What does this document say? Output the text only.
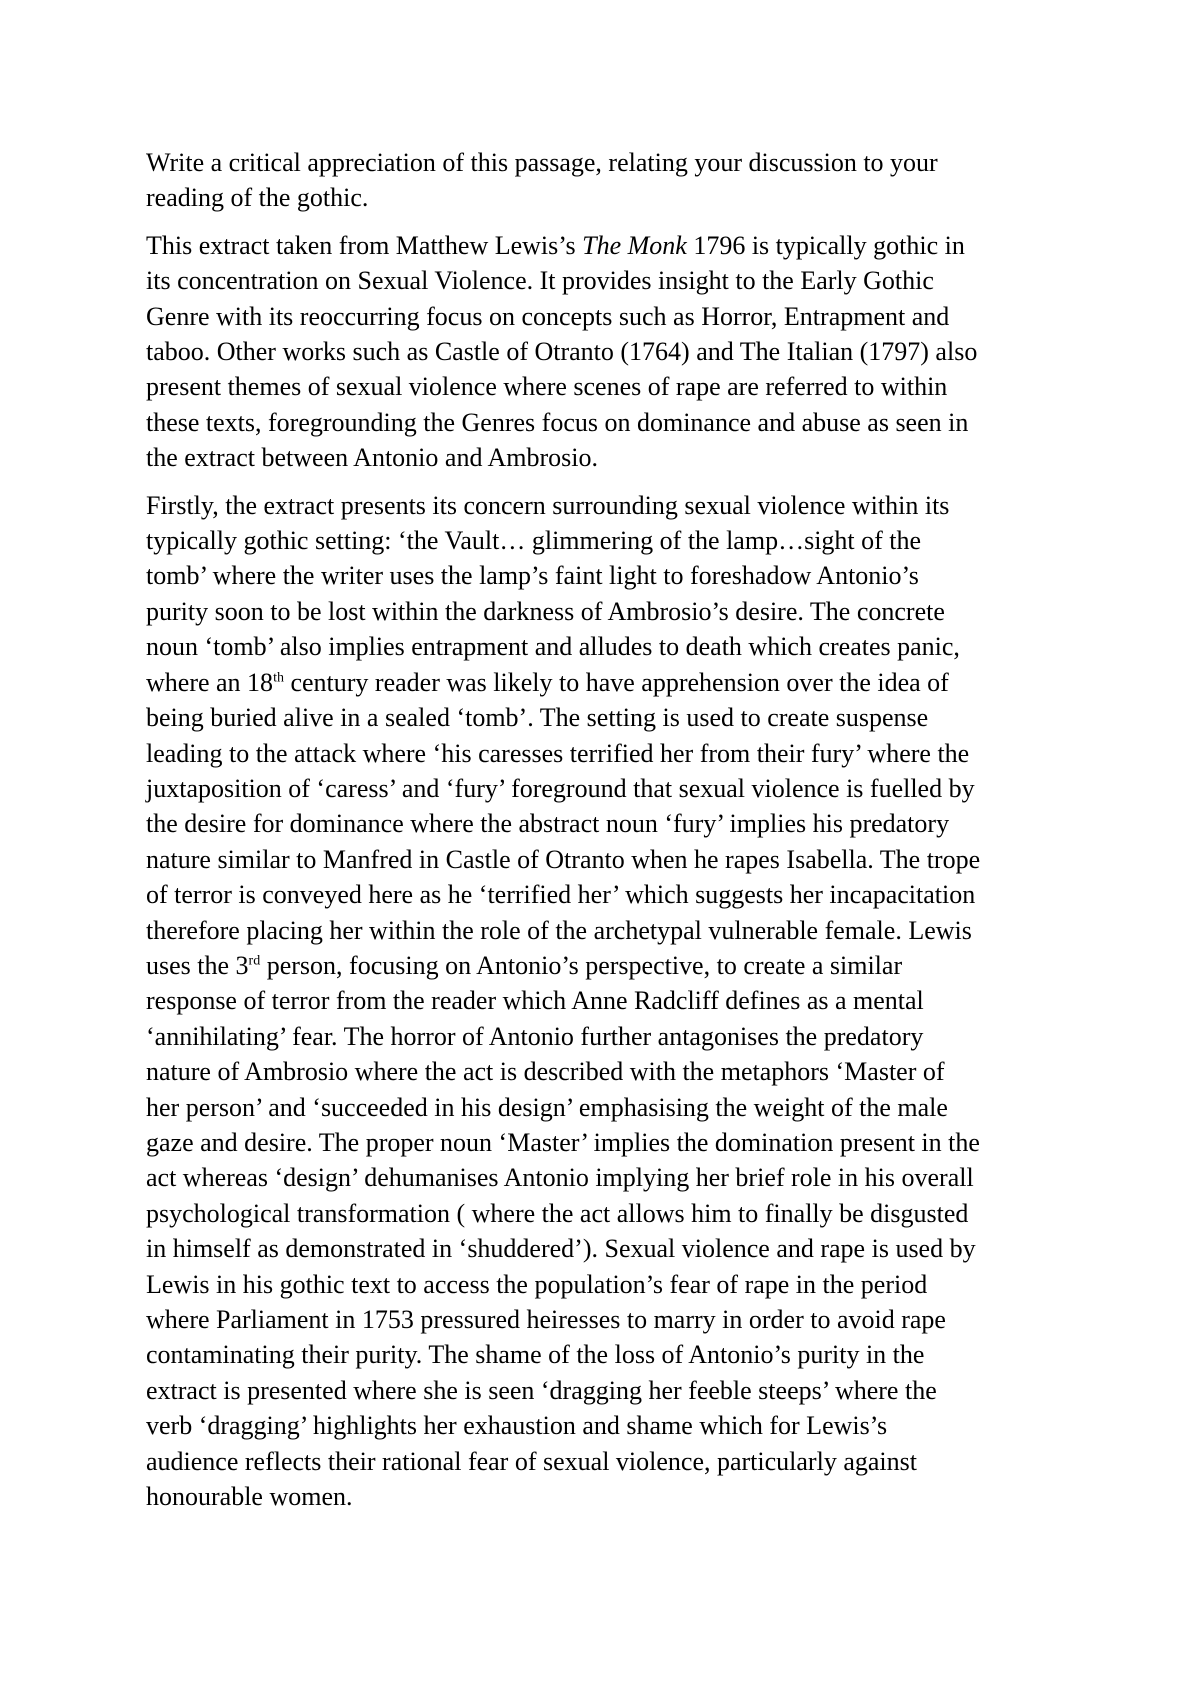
Write a critical appreciation of this passage, relating your discussion to your
reading of the gothic.

This extract taken from Matthew Lewis’s The Monk 1796 is typically gothic in
its concentration on Sexual Violence. It provides insight to the Early Gothic
Genre with its reoccurring focus on concepts such as Horror, Entrapment and
taboo. Other works such as Castle of Otranto (1764) and The Italian (1797) also
present themes of sexual violence where scenes of rape are referred to within
these texts, foregrounding the Genres focus on dominance and abuse as seen in
the extract between Antonio and Ambrosio.

Firstly, the extract presents its concern surrounding sexual violence within its
typically gothic setting: ‘the Vault… glimmering of the lamp…sight of the
tomb’ where the writer uses the lamp’s faint light to foreshadow Antonio’s
purity soon to be lost within the darkness of Ambrosio’s desire. The concrete
noun ‘tomb’ also implies entrapment and alludes to death which creates panic,
where an 18th century reader was likely to have apprehension over the idea of
being buried alive in a sealed ‘tomb’. The setting is used to create suspense
leading to the attack where ‘his caresses terrified her from their fury’ where the
juxtaposition of ‘caress’ and ‘fury’ foreground that sexual violence is fuelled by
the desire for dominance where the abstract noun ‘fury’ implies his predatory
nature similar to Manfred in Castle of Otranto when he rapes Isabella. The trope
of terror is conveyed here as he ‘terrified her’ which suggests her incapacitation
therefore placing her within the role of the archetypal vulnerable female. Lewis
uses the 3rd person, focusing on Antonio’s perspective, to create a similar
response of terror from the reader which Anne Radcliff defines as a mental
‘annihilating’ fear. The horror of Antonio further antagonises the predatory
nature of Ambrosio where the act is described with the metaphors ‘Master of
her person’ and ‘succeeded in his design’ emphasising the weight of the male
gaze and desire. The proper noun ‘Master’ implies the domination present in the
act whereas ‘design’ dehumanises Antonio implying her brief role in his overall
psychological transformation ( where the act allows him to finally be disgusted
in himself as demonstrated in ‘shuddered’). Sexual violence and rape is used by
Lewis in his gothic text to access the population’s fear of rape in the period
where Parliament in 1753 pressured heiresses to marry in order to avoid rape
contaminating their purity. The shame of the loss of Antonio’s purity in the
extract is presented where she is seen ‘dragging her feeble steeps’ where the
verb ‘dragging’ highlights her exhaustion and shame which for Lewis’s
audience reflects their rational fear of sexual violence, particularly against
honourable women.
